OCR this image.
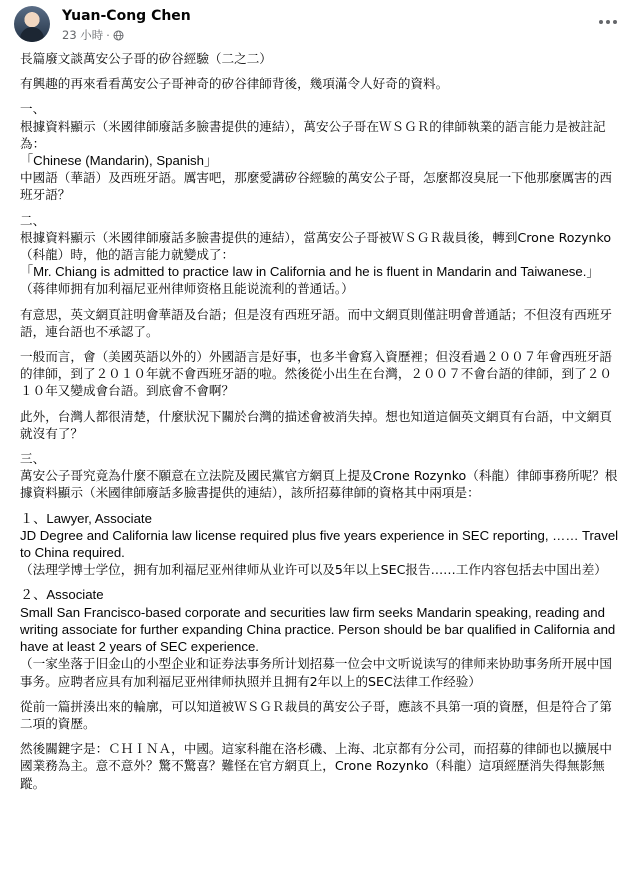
Yuan-Cong Chen
23 小時 ·

長篇廢文談萬安公子哥的矽谷經驗（二之二）

有興趣的再來看看萬安公子哥神奇的矽谷律師背後，幾項滿令人好奇的資料。

一、
根據資料顯示（米國律師廢話多臉書提供的連結），萬安公子哥在ＷＳＧＲ的律師執業的語言能力是被註記為：
「Chinese (Mandarin), Spanish」

中國語（華語）及西班牙語。厲害吧，那麼愛講矽谷經驗的萬安公子哥，怎麼都沒臭屁一下他那麼厲害的西班牙語？

二、
根據資料顯示（米國律師廢話多臉書提供的連結），當萬安公子哥被ＷＳＧＲ裁員後，轉到Crone Rozynko（科龍）時，他的語言能力就變成了：
「Mr. Chiang is admitted to practice law in California and he is fluent in Mandarin and Taiwanese.」

（蒋律师拥有加利福尼亚州律师资格且能说流利的普通话。）

有意思，英文網頁註明會華語及台語；但是沒有西班牙語。而中文網頁則僅註明會普通話；不但沒有西班牙語，連台語也不承認了。

一般而言，會（美國英語以外的）外國語言是好事，也多半會寫入資歷裡；但沒看過２００７年會西班牙語的律師，到了２０１０年就不會西班牙語的啦。然後從小出生在台灣，２００７不會台語的律師，到了２０１０年又變成會台語。到底會不會啊？

此外，台灣人都很清楚，什麼狀況下關於台灣的描述會被消失掉。想也知道這個英文網頁有台語，中文網頁就沒有了？

三、

萬安公子哥究竟為什麼不願意在立法院及國民黨官方網頁上提及Crone Rozynko（科龍）律師事務所呢？根據資料顯示（米國律師廢話多臉書提供的連結），該所招募律師的資格其中兩項是：

１、Lawyer, Associate
JD Degree and California law license required plus five years experience in SEC reporting, …… Travel to China required.

（法理学博士学位，拥有加利福尼亚州律师从业许可以及5年以上SEC报告……工作内容包括去中国出差）

２、Associate
Small San Francisco-based corporate and securities law firm seeks Mandarin speaking, reading and writing associate for further expanding China practice. Person should be bar qualified in California and have at least 2 years of SEC experience.

（一家坐落于旧金山的小型企业和证券法事务所计划招募一位会中文听说读写的律师来协助事务所开展中国事务。应聘者应具有加利福尼亚州律师执照并且拥有2年以上的SEC法律工作经验）

從前一篇拼湊出來的輪廓，可以知道被ＷＳＧＲ裁員的萬安公子哥，應該不具第一項的資歷，但是符合了第二項的資歷。

然後關鍵字是：ＣＨＩＮＡ，中國。這家科龍在洛杉磯、上海、北京都有分公司，而招募的律師也以擴展中國業務為主。意不意外？驚不驚喜？難怪在官方網頁上，Crone Rozynko（科龍）這項經歷消失得無影無蹤。
